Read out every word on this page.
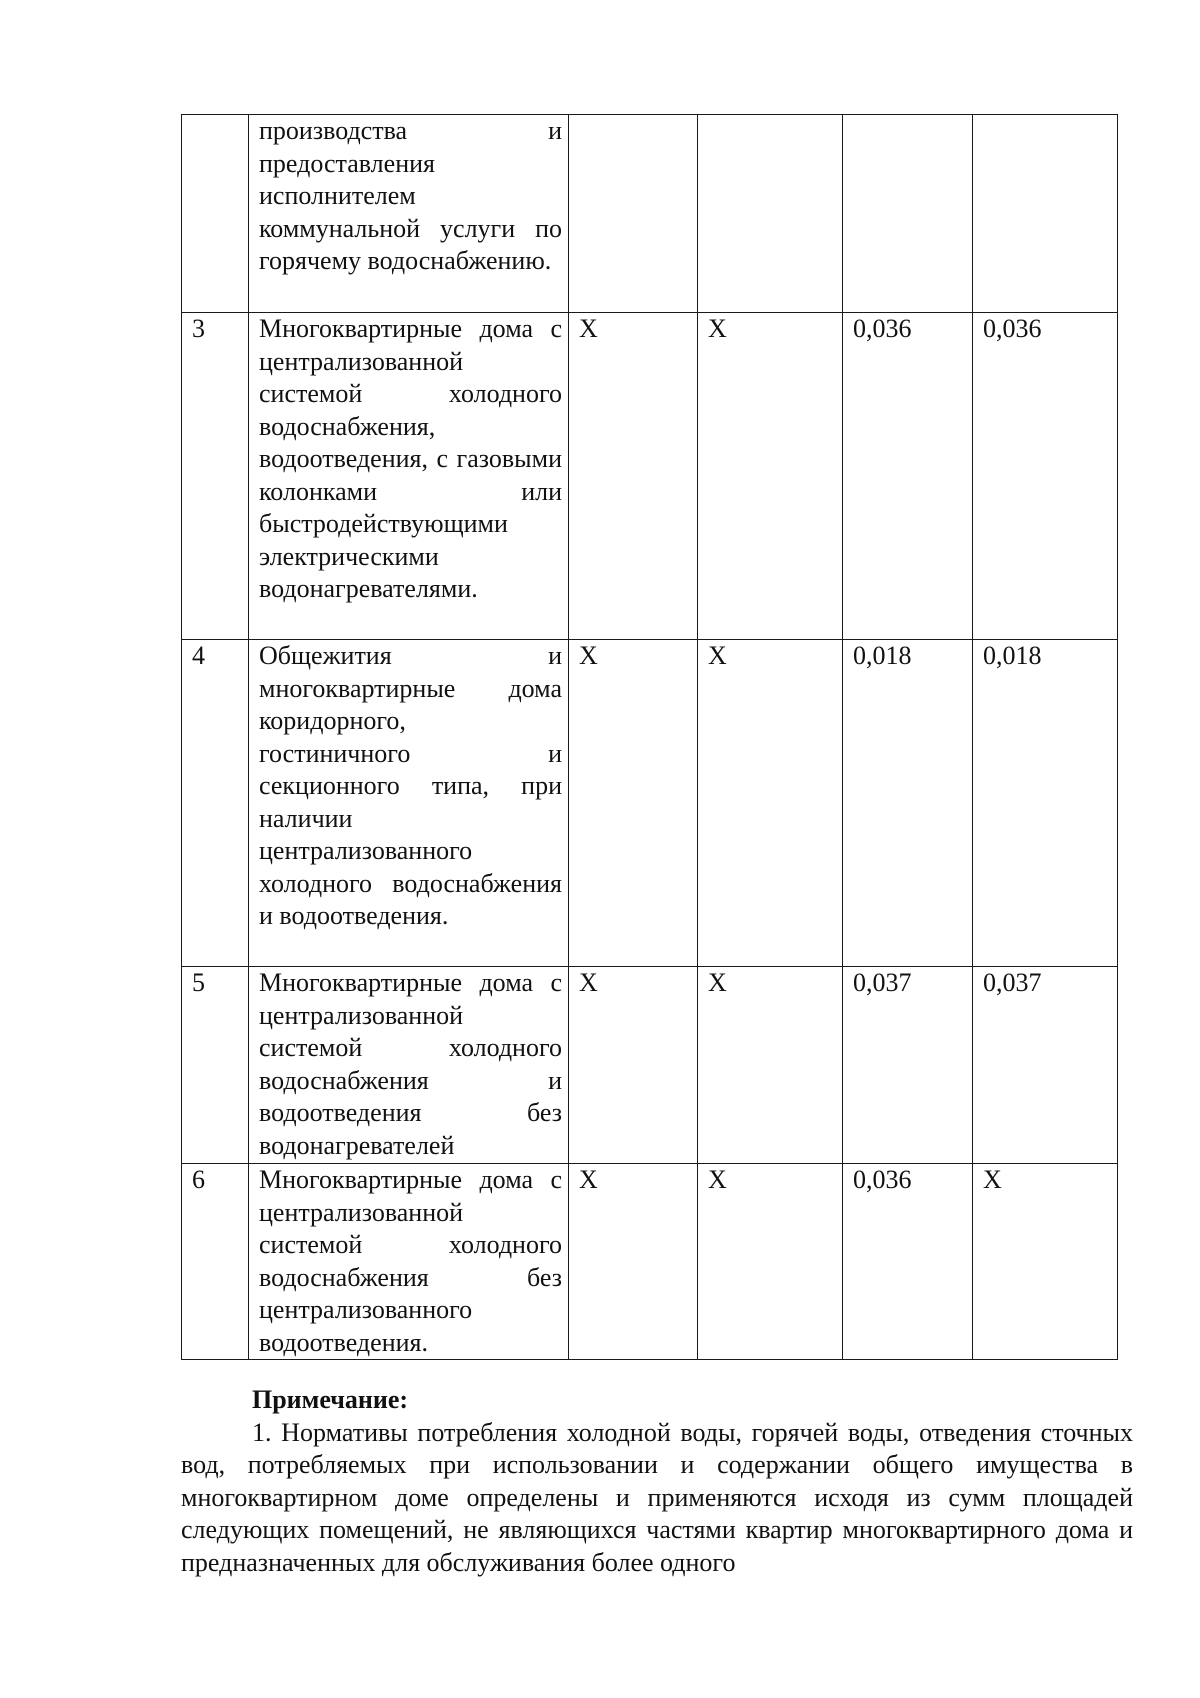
	производства и предоставления исполнителем коммунальной услуги по горячему водоснабжению.				
3	Многоквартирные дома с централизованной системой холодного водоснабжения, водоотведения, с газовыми колонками или быстродействующими электрическими водонагревателями.	X	X	0,036	0,036
4	Общежития и многоквартирные дома коридорного, гостиничного и секционного типа, при наличии централизованного холодного водоснабжения и водоотведения.	X	X	0,018	0,018
5	Многоквартирные дома с централизованной системой холодного водоснабжения и водоотведения без водонагревателей	X	X	0,037	0,037
6	Многоквартирные дома с централизованной системой холодного водоснабжения без централизованного водоотведения.	X	X	0,036	X
Примечание:

1. Нормативы потребления холодной воды, горячей воды, отведения сточных вод, потребляемых при использовании и содержании общего имущества в многоквартирном доме определены и применяются исходя из сумм площадей следующих помещений, не являющихся частями квартир многоквартирного дома и предназначенных для обслуживания более одного
